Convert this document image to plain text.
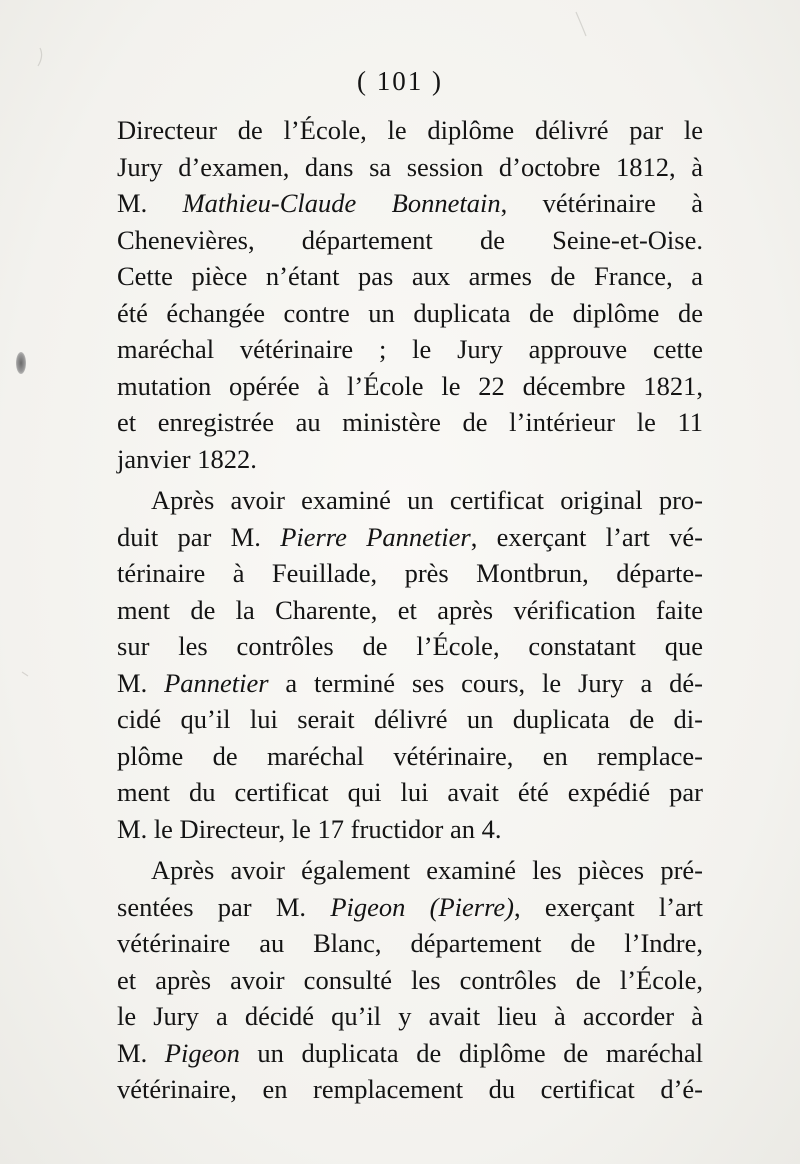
( 101 )
Directeur de l’École, le diplôme délivré par le
Jury d’examen, dans sa session d’octobre 1812, à
M. Mathieu-Claude Bonnetain, vétérinaire à
Chenevières, département de Seine-et-Oise.
Cette pièce n’étant pas aux armes de France, a
été échangée contre un duplicata de diplôme de
maréchal vétérinaire ; le Jury approuve cette
mutation opérée à l’École le 22 décembre 1821,
et enregistrée au ministère de l’intérieur le 11
janvier 1822.
Après avoir examiné un certificat original pro-
duit par M. Pierre Pannetier, exerçant l’art vé-
térinaire à Feuillade, près Montbrun, départe-
ment de la Charente, et après vérification faite
sur les contrôles de l’École, constatant que
M. Pannetier a terminé ses cours, le Jury a dé-
cidé qu’il lui serait délivré un duplicata de di-
plôme de maréchal vétérinaire, en remplace-
ment du certificat qui lui avait été expédié par
M. le Directeur, le 17 fructidor an 4.
Après avoir également examiné les pièces pré-
sentées par M. Pigeon (Pierre), exerçant l’art
vétérinaire au Blanc, département de l’Indre,
et après avoir consulté les contrôles de l’École,
le Jury a décidé qu’il y avait lieu à accorder à
M. Pigeon un duplicata de diplôme de maréchal
vétérinaire, en remplacement du certificat d’é-
